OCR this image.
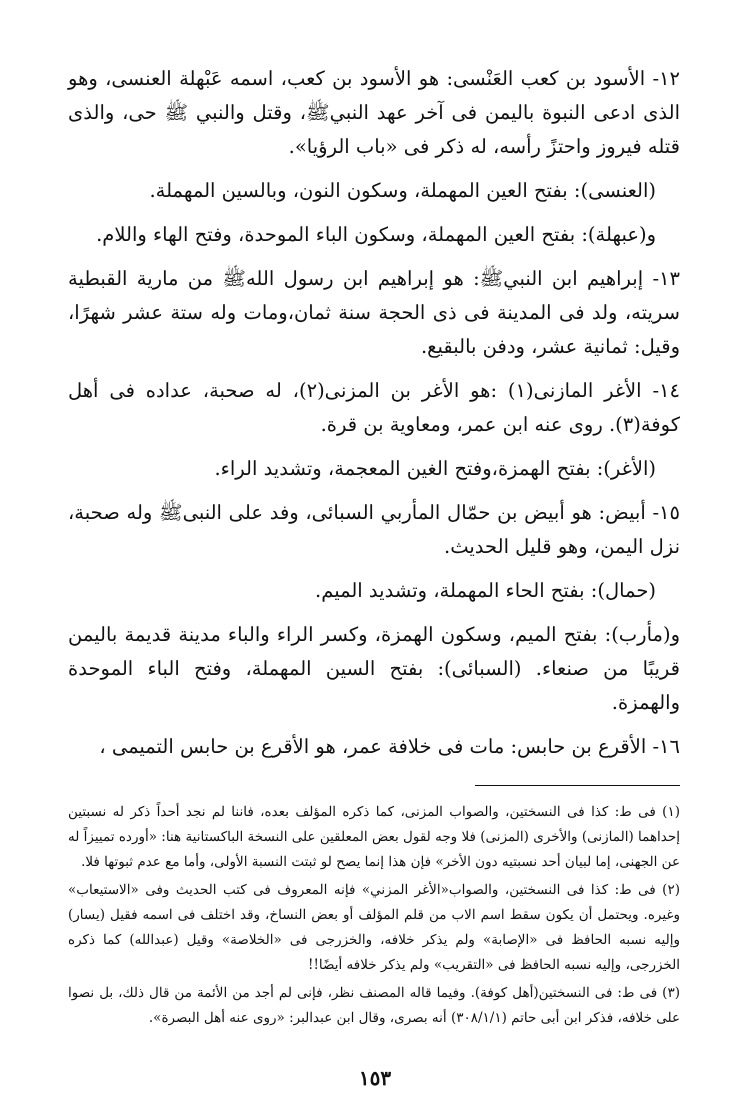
١٢- الأسود بن كعب العَنْسى: هو الأسود بن كعب، اسمه عَبْهلة العنسى، وهو الذى ادعى النبوة باليمن فى آخر عهد النبيﷺ، وقتل والنبي ﷺ حى، والذى قتله فيروز واحتزً رأسه، له ذكر فى «باب الرؤيا».

(العنسى): بفتح العين المهملة، وسكون النون، وبالسين المهملة.

و(عبهلة): بفتح العين المهملة، وسكون الباء الموحدة، وفتح الهاء واللام.

١٣- إبراهيم ابن النبيﷺ: هو إبراهيم ابن رسول اللهﷺ من مارية القبطية سريته، ولد فى المدينة فى ذى الحجة سنة ثمان،ومات وله ستة عشر شهرًا، وقيل: ثمانية عشر، ودفن بالبقيع.

١٤- الأغر المازنى(١) :هو الأغر بن المزنى(٢)، له صحبة، عداده فى أهل كوفة(٣). روى عنه ابن عمر، ومعاوية بن قرة.

(الأغر): بفتح الهمزة،وفتح الغين المعجمة، وتشديد الراء.

١٥- أبيض: هو أبيض بن حمّال المأربي السبائى، وفد على النبىﷺ وله صحبة، نزل اليمن، وهو قليل الحديث.

(حمال): بفتح الحاء المهملة، وتشديد الميم.

و(مأرب): بفتح الميم، وسكون الهمزة، وكسر الراء والباء مدينة قديمة باليمن قريبًا من صنعاء. (السبائى): بفتح السين المهملة، وفتح الباء الموحدة والهمزة.

١٦- الأقرع بن حابس: مات فى خلافة عمر، هو الأقرع بن حابس التميمى ،

(١) فى ط: كذا فى النسختين، والصواب المزنى، كما ذكره المؤلف بعده، فاننا لم نجد أحداً ذكر له نسبتين إحداهما (المازنى) والأخرى (المزنى) فلا وجه لقول بعض المعلقين على النسخة الباكستانية هنا: «أورده تمييزاً له عن الجهنى، إما لبيان أحد نسبتيه دون الأخر» فإن هذا إنما يصح لو ثبتت النسبة الأولى، وأما مع عدم ثبوتها فلا.

(٢) فى ط: كذا فى النسختين، والصواب«الأغر المزني» فإنه المعروف فى كتب الحديث وفى «الاستيعاب» وغيره. ويحتمل أن يكون سقط اسم الاب من قلم المؤلف أو بعض النساخ، وقد اختلف فى اسمه فقيل (يسار) وإليه نسبه الحافظ فى «الإصابة» ولم يذكر خلافه، والخزرجى فى «الخلاصة» وقيل (عبدالله) كما ذكره الخزرجى، وإليه نسبه الحافظ فى «التقريب» ولم يذكر خلافه أيضًا!!

(٣) فى ط: فى النسختين(أهل كوفة). وفيما قاله المصنف نظر، فإنى لم أجد من الأئمة من قال ذلك، بل نصوا على خلافه، فذكر ابن أبى حاتم (٣٠٨/١/١) أنه بصرى، وقال ابن عبدالبر: «روى عنه أهل البصرة».

١٥٣
